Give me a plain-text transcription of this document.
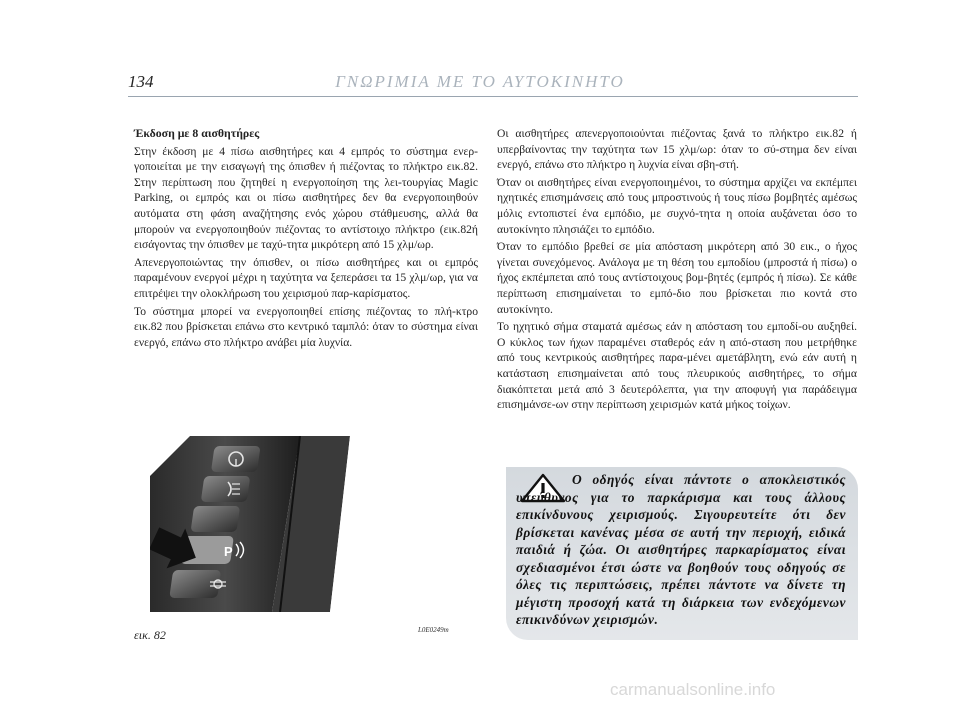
134	ΓΝΩΡΙΜΙΑ ΜΕ ΤΟ ΑΥΤΟΚΙΝΗΤΟ

Έκδοση με 8 αισθητήρες

Στην έκδοση με 4 πίσω αισθητήρες και 4 εμπρός το σύστημα ενερ-γοποιείται με την εισαγωγή της όπισθεν ή πιέζοντας το πλήκτρο εικ.82. Στην περίπτωση που ζητηθεί η ενεργοποίηση της λει-τουργίας Magic Parking, οι εμπρός και οι πίσω αισθητήρες δεν θα ενεργοποιηθούν αυτόματα στη φάση αναζήτησης ενός χώρου στάθμευσης, αλλά θα μπορούν να ενεργοποιηθούν πιέζοντας το αντίστοιχο πλήκτρο (εικ.82ή εισάγοντας την όπισθεν με ταχύ-τητα μικρότερη από 15 χλμ/ωρ.

Απενεργοποιώντας την όπισθεν, οι πίσω αισθητήρες και οι εμπρός παραμένουν ενεργοί μέχρι η ταχύτητα να ξεπεράσει τα 15 χλμ/ωρ, για να επιτρέψει την ολοκλήρωση του χειρισμού παρ-καρίσματος.

Το σύστημα μπορεί να ενεργοποιηθεί επίσης πιέζοντας το πλή-κτρο εικ.82 που βρίσκεται επάνω στο κεντρικό ταμπλό: όταν το σύστημα είναι ενεργό, επάνω στο πλήκτρο ανάβει μία λυχνία.

Οι αισθητήρες απενεργοποιούνται πιέζοντας ξανά το πλήκτρο εικ.82 ή υπερβαίνοντας την ταχύτητα των 15 χλμ/ωρ: όταν το σύ-στημα δεν είναι ενεργό, επάνω στο πλήκτρο η λυχνία είναι σβη-στή.

Όταν οι αισθητήρες είναι ενεργοποιημένοι, το σύστημα αρχίζει να εκπέμπει ηχητικές επισημάνσεις από τους μπροστινούς ή τους πίσω βομβητές αμέσως μόλις εντοπιστεί ένα εμπόδιο, με συχνό-τητα η οποία αυξάνεται όσο το αυτοκίνητο πλησιάζει το εμπόδιο.

Όταν το εμπόδιο βρεθεί σε μία απόσταση μικρότερη από 30 εικ., ο ήχος γίνεται συνεχόμενος. Ανάλογα με τη θέση του εμποδίου (μπροστά ή πίσω) ο ήχος εκπέμπεται από τους αντίστοιχους βομ-βητές (εμπρός ή πίσω). Σε κάθε περίπτωση επισημαίνεται το εμπό-διο που βρίσκεται πιο κοντά στο αυτοκίνητο.

Το ηχητικό σήμα σταματά αμέσως εάν η απόσταση του εμποδί-ου αυξηθεί. Ο κύκλος των ήχων παραμένει σταθερός εάν η από-σταση που μετρήθηκε από τους κεντρικούς αισθητήρες παρα-μένει αμετάβλητη, ενώ εάν αυτή η κατάσταση επισημαίνεται από τους πλευρικούς αισθητήρες, το σήμα διακόπτεται μετά από 3 δευτερόλεπτα, για την αποφυγή για παράδειγμα επισημάνσε-ων στην περίπτωση χειρισμών κατά μήκος τοίχων.

P
εικ. 82	L0E0249m
Ο οδηγός είναι πάντοτε ο αποκλειστικός υπεύθυνος για το παρκάρισμα και τους άλλους επικίνδυνους χειρισμούς. Σιγουρευτείτε ότι δεν βρίσκεται κανένας μέσα σε αυτή την περιοχή, ειδικά παιδιά ή ζώα. Οι αισθητήρες παρκαρίσματος είναι σχεδιασμένοι έτσι ώστε να βοηθούν τους οδηγούς σε όλες τις περιπτώσεις, πρέπει πάντοτε να δίνετε τη μέγιστη προσοχή κατά τη διάρκεια των ενδεχόμενων επικινδύνων χειρισμών.
carmanualsonline.info
